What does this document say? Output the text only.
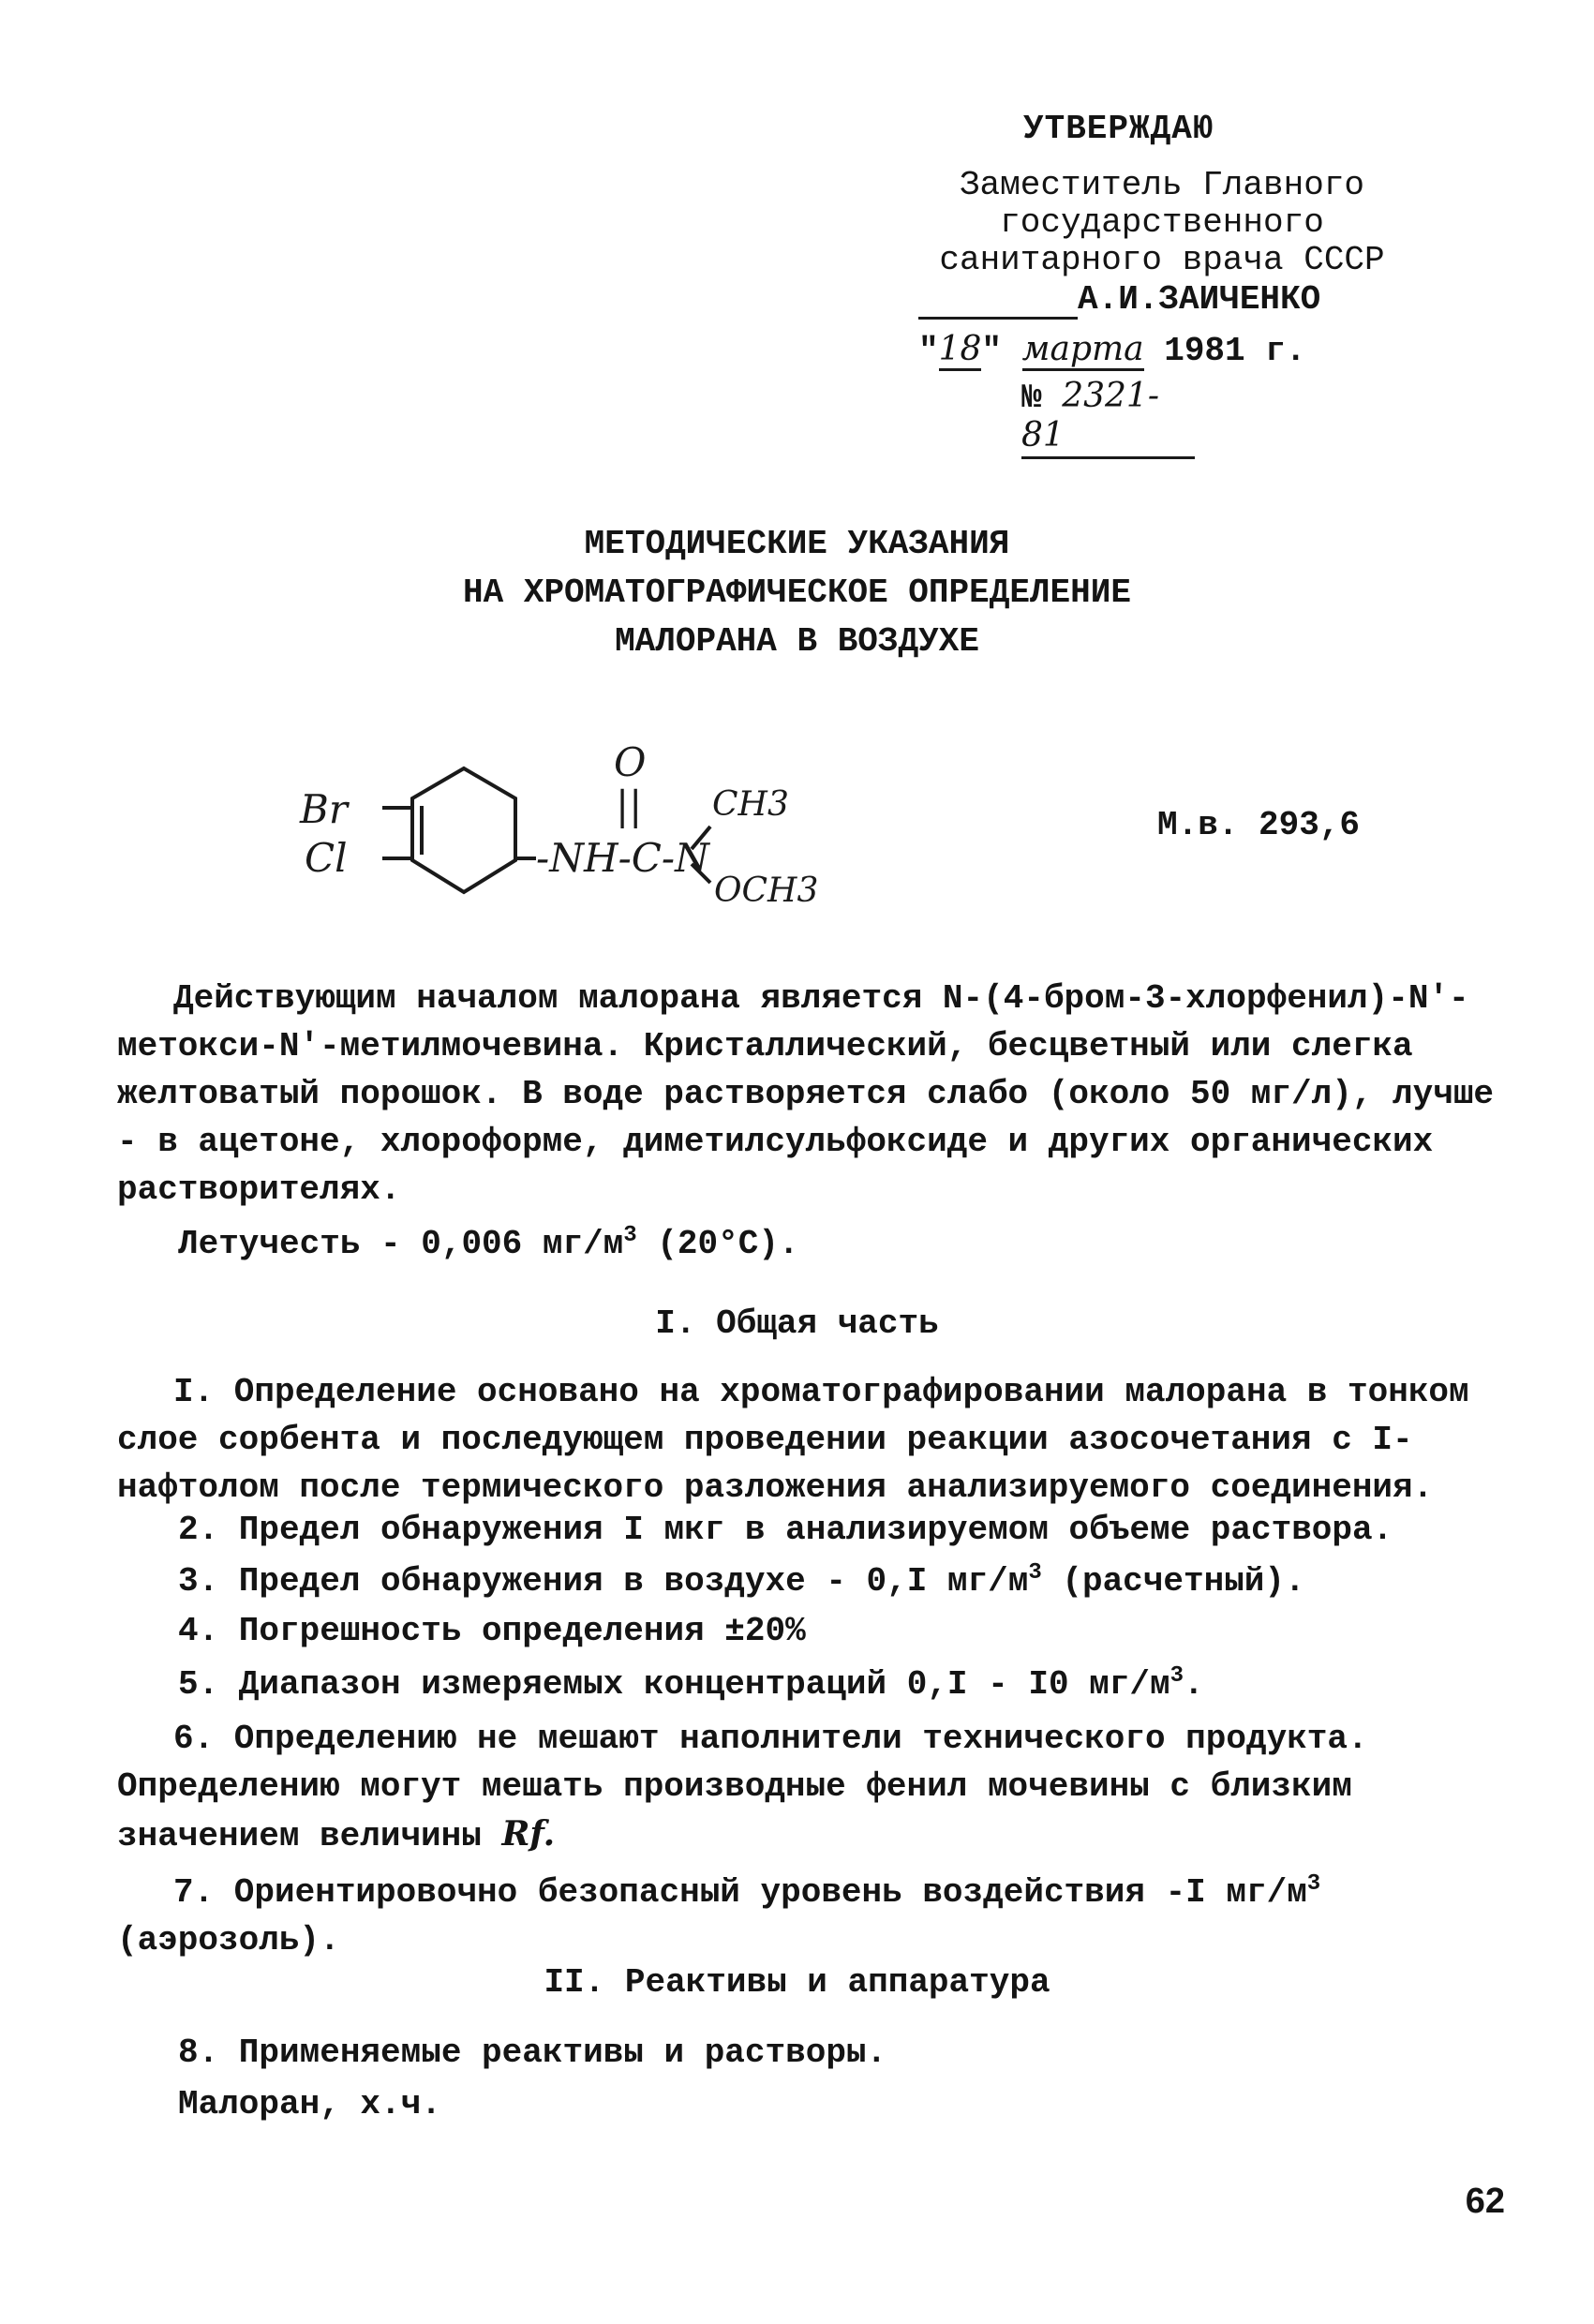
УТВЕРЖДАЮ
Заместитель Главного
государственного
санитарного врача СССР
А.И.ЗАИЧЕНКО
"18" марта 1981 г.
№ 2321-81
МЕТОДИЧЕСКИЕ УКАЗАНИЯ
НА ХРОМАТОГРАФИЧЕСКОЕ ОПРЕДЕЛЕНИЕ
МАЛОРАНА В ВОЗДУХЕ
Br
Cl
O
||
-NH-C-N
CH3
OCH3
М.в. 293,6
Действующим началом малорана является N-(4-бром-3-хлорфенил)-N'-метокси-N'-метилмочевина. Кристаллический, бесцветный или слегка желтоватый порошок. В воде растворяется слабо (около 50 мг/л), лучше - в ацетоне, хлороформе, диметилсульфоксиде и других органических растворителях.
Летучесть - 0,006 $мг/м^3$ (20°С).
I. Общая часть
I. Определение основано на хроматографировании малорана в тонком слое сорбента и последующем проведении реакции азосочетания с I-нафтолом после термического разложения анализируемого соединения.
2. Предел обнаружения I мкг в анализируемом объеме раствора.
3. Предел обнаружения в воздухе - 0,I $мг/м^3$ (расчетный).
4. Погрешность определения ±20%
5. Диапазон измеряемых концентраций 0,I - I0 $мг/м^3$.
6. Определению не мешают наполнители технического продукта. Определению могут мешать производные фенил мочевины с близким значением величины Rf.
7. Ориентировочно безопасный уровень воздействия -I $мг/м^3$ (аэрозоль).
II. Реактивы и аппаратура
8. Применяемые реактивы и растворы.
Малоран, х.ч.
62
